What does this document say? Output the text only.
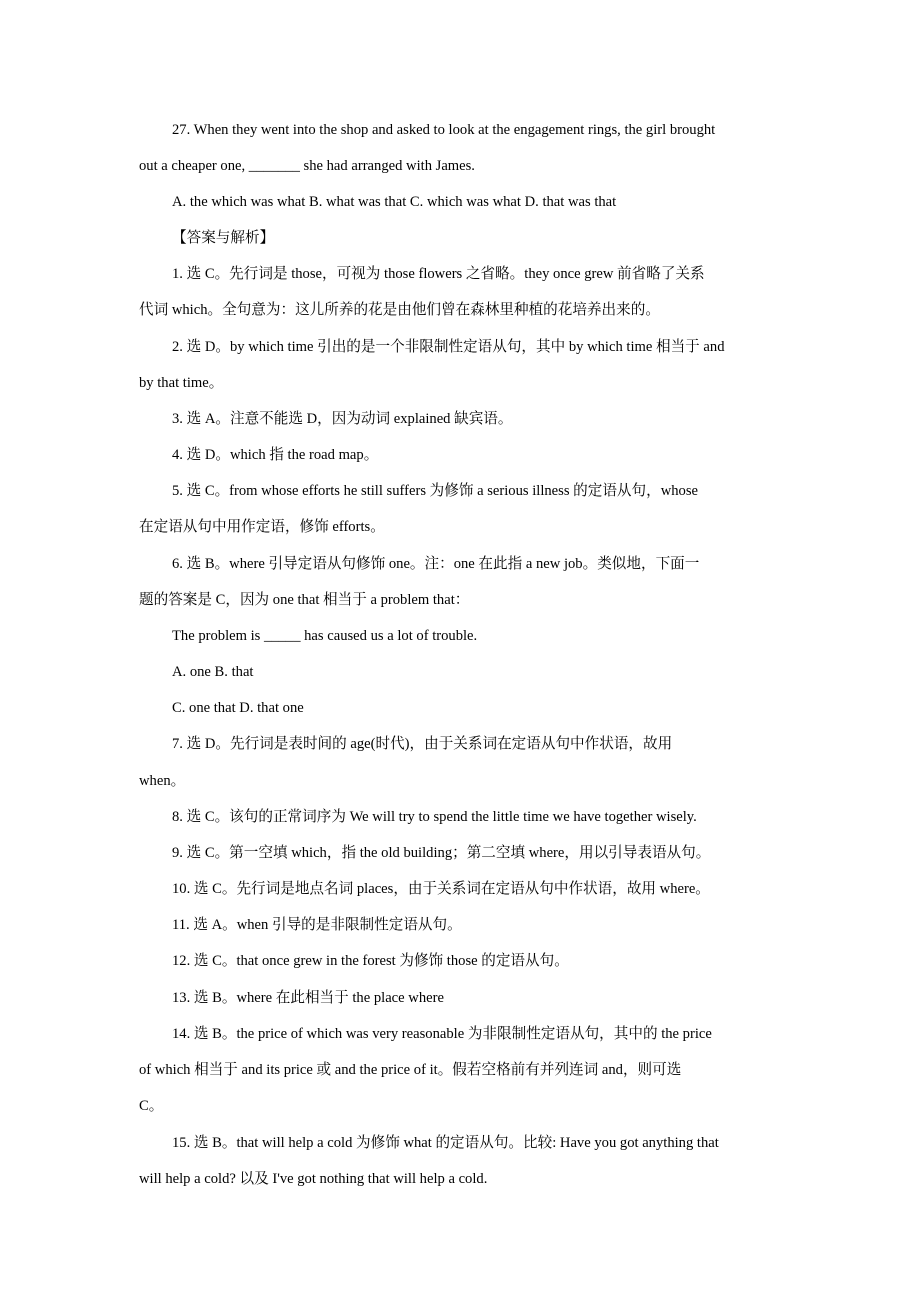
27. When they went into the shop and asked to look at the engagement rings, the girl brought
out a cheaper one, _______ she had arranged with James.
A. the which was what B. what was that C. which was what D. that was that
【答案与解析】
1. 选 C。先行词是 those，可视为 those flowers 之省略。they once grew 前省略了关系
代词 which。全句意为：这儿所养的花是由他们曾在森林里种植的花培养出来的。
2. 选 D。by which time 引出的是一个非限制性定语从句，其中 by which time 相当于 and
by that time。
3. 选 A。注意不能选 D，因为动词 explained 缺宾语。
4. 选 D。which 指 the road map。
5. 选 C。from whose efforts he still suffers 为修饰 a serious illness 的定语从句，whose
在定语从句中用作定语，修饰 efforts。
6. 选 B。where 引导定语从句修饰 one。注：one 在此指 a new job。类似地，下面一
题的答案是 C，因为 one that 相当于 a problem that：
The problem is _____ has caused us a lot of trouble.
A. one B. that
C. one that D. that one
7. 选 D。先行词是表时间的 age(时代)，由于关系词在定语从句中作状语，故用
when。
8. 选 C。该句的正常词序为 We will try to spend the little time we have together wisely.
9. 选 C。第一空填 which，指 the old building；第二空填 where，用以引导表语从句。
10. 选 C。先行词是地点名词 places，由于关系词在定语从句中作状语，故用 where。
11. 选 A。when 引导的是非限制性定语从句。
12. 选 C。that once grew in the forest 为修饰 those 的定语从句。
13. 选 B。where 在此相当于 the place where
14. 选 B。the price of which was very reasonable 为非限制性定语从句，其中的 the price
of which 相当于 and its price 或 and the price of it。假若空格前有并列连词 and，则可选
C。
15. 选 B。that will help a cold 为修饰 what 的定语从句。比较: Have you got anything that
will help a cold? 以及 I've got nothing that will help a cold.
